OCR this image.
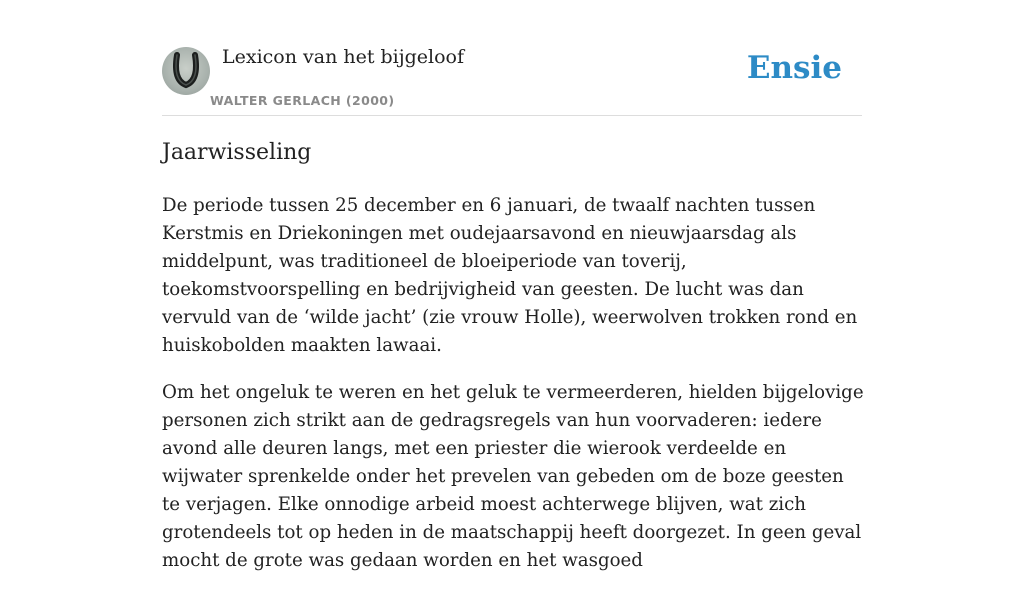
Lexicon van het bijgeloof
WALTER GERLACH (2000)
Ensie
Jaarwisseling

De periode tussen 25 december en 6 januari, de twaalf nachten tussen Kerstmis en Driekoningen met oudejaarsavond en nieuwjaarsdag als middelpunt, was traditioneel de bloeiperiode van toverij, toekomstvoorspelling en bedrijvigheid van geesten. De lucht was dan vervuld van de ‘wilde jacht’ (zie vrouw Holle), weerwolven trokken rond en huiskobolden maakten lawaai.

Om het ongeluk te weren en het geluk te vermeerderen, hielden bijgelovige personen zich strikt aan de gedragsregels van hun voorvaderen: iedere avond alle deuren langs, met een priester die wierook verdeelde en wijwater sprenkelde onder het prevelen van gebeden om de boze geesten te verjagen. Elke onnodige arbeid moest achterwege blijven, wat zich grotendeels tot op heden in de maatschappij heeft doorgezet. In geen geval mocht de grote was gedaan worden en het wasgoed
